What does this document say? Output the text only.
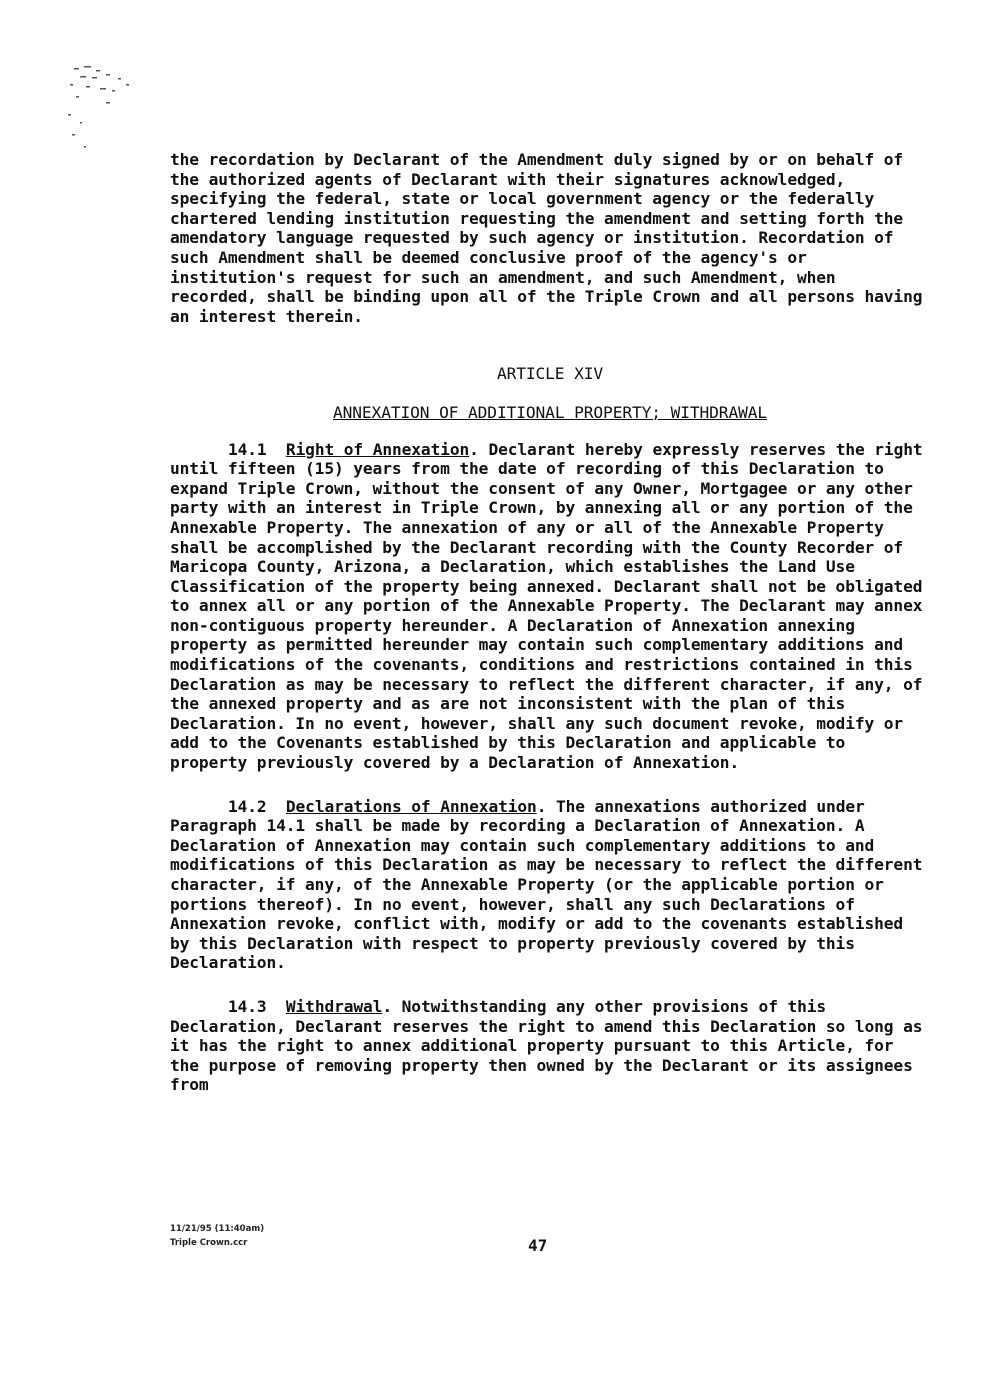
the recordation by Declarant of the Amendment duly signed by or on behalf of the authorized agents of Declarant with their signatures acknowledged, specifying the federal, state or local government agency or the federally chartered lending institution requesting the amendment and setting forth the amendatory language requested by such agency or institution. Recordation of such Amendment shall be deemed conclusive proof of the agency's or institution's request for such an amendment, and such Amendment, when recorded, shall be binding upon all of the Triple Crown and all persons having an interest therein.

ARTICLE XIV
ANNEXATION OF ADDITIONAL PROPERTY; WITHDRAWAL

14.1 Right of Annexation. Declarant hereby expressly reserves the right until fifteen (15) years from the date of recording of this Declaration to expand Triple Crown, without the consent of any Owner, Mortgagee or any other party with an interest in Triple Crown, by annexing all or any portion of the Annexable Property. The annexation of any or all of the Annexable Property shall be accomplished by the Declarant recording with the County Recorder of Maricopa County, Arizona, a Declaration, which establishes the Land Use Classification of the property being annexed. Declarant shall not be obligated to annex all or any portion of the Annexable Property. The Declarant may annex non-contiguous property hereunder. A Declaration of Annexation annexing property as permitted hereunder may contain such complementary additions and modifications of the covenants, conditions and restrictions contained in this Declaration as may be necessary to reflect the different character, if any, of the annexed property and as are not inconsistent with the plan of this Declaration. In no event, however, shall any such document revoke, modify or add to the Covenants established by this Declaration and applicable to property previously covered by a Declaration of Annexation.

14.2 Declarations of Annexation. The annexations authorized under Paragraph 14.1 shall be made by recording a Declaration of Annexation. A Declaration of Annexation may contain such complementary additions to and modifications of this Declaration as may be necessary to reflect the different character, if any, of the Annexable Property (or the applicable portion or portions thereof). In no event, however, shall any such Declarations of Annexation revoke, conflict with, modify or add to the covenants established by this Declaration with respect to property previously covered by this Declaration.

14.3 Withdrawal. Notwithstanding any other provisions of this Declaration, Declarant reserves the right to amend this Declaration so long as it has the right to annex additional property pursuant to this Article, for the purpose of removing property then owned by the Declarant or its assignees from

11/21/95 (11:40am)
Triple Crown.ccr	47
